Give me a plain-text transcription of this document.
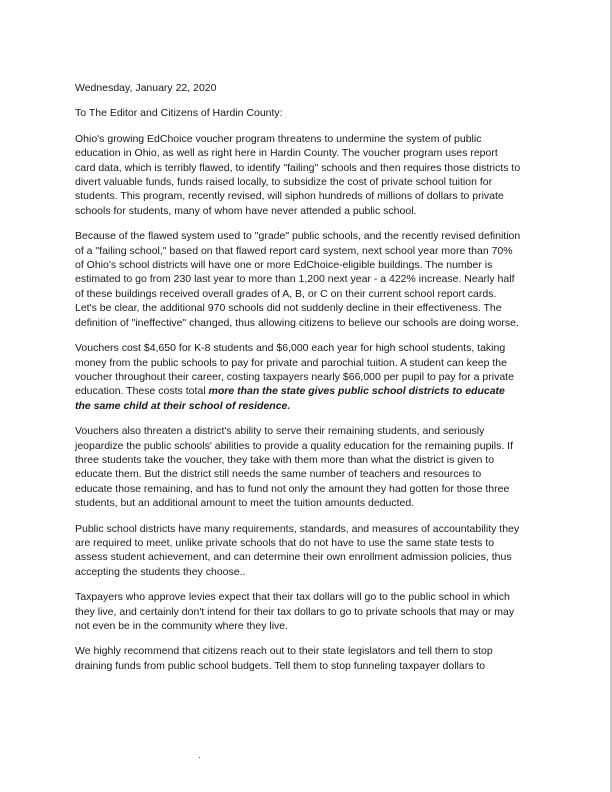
Wednesday, January 22, 2020
To The Editor and Citizens of Hardin County:
Ohio's growing EdChoice voucher program threatens to undermine the system of public
education in Ohio, as well as right here in Hardin County. The voucher program uses report
card data, which is terribly flawed, to identify "failing" schools and then requires those districts to
divert valuable funds, funds raised locally, to subsidize the cost of private school tuition for
students. This program, recently revised, will siphon hundreds of millions of dollars to private
schools for students, many of whom have never attended a public school.
Because of the flawed system used to "grade" public schools, and the recently revised definition
of a "failing school," based on that flawed report card system, next school year more than 70%
of Ohio's school districts will have one or more EdChoice-eligible buildings. The number is
estimated to go from 230 last year to more than 1,200 next year - a 422% increase. Nearly half
of these buildings received overall grades of A, B, or C on their current school report cards.
Let's be clear, the additional 970 schools did not suddenly decline in their effectiveness. The
definition of "ineffective" changed, thus allowing citizens to believe our schools are doing worse.
Vouchers cost $4,650 for K-8 students and $6,000 each year for high school students, taking
money from the public schools to pay for private and parochial tuition. A student can keep the
voucher throughout their career, costing taxpayers nearly $66,000 per pupil to pay for a private
education. These costs total more than the state gives public school districts to educate
the same child at their school of residence.
Vouchers also threaten a district's ability to serve their remaining students, and seriously
jeopardize the public schools' abilities to provide a quality education for the remaining pupils. If
three students take the voucher, they take with them more than what the district is given to
educate them. But the district still needs the same number of teachers and resources to
educate those remaining, and has to fund not only the amount they had gotten for those three
students, but an additional amount to meet the tuition amounts deducted.
Public school districts have many requirements, standards, and measures of accountability they
are required to meet, unlike private schools that do not have to use the same state tests to
assess student achievement, and can determine their own enrollment admission policies, thus
accepting the students they choose..
Taxpayers who approve levies expect that their tax dollars will go to the public school in which
they live, and certainly don't intend for their tax dollars to go to private schools that may or may
not even be in the community where they live.
We highly recommend that citizens reach out to their state legislators and tell them to stop
draining funds from public school budgets. Tell them to stop funneling taxpayer dollars to
